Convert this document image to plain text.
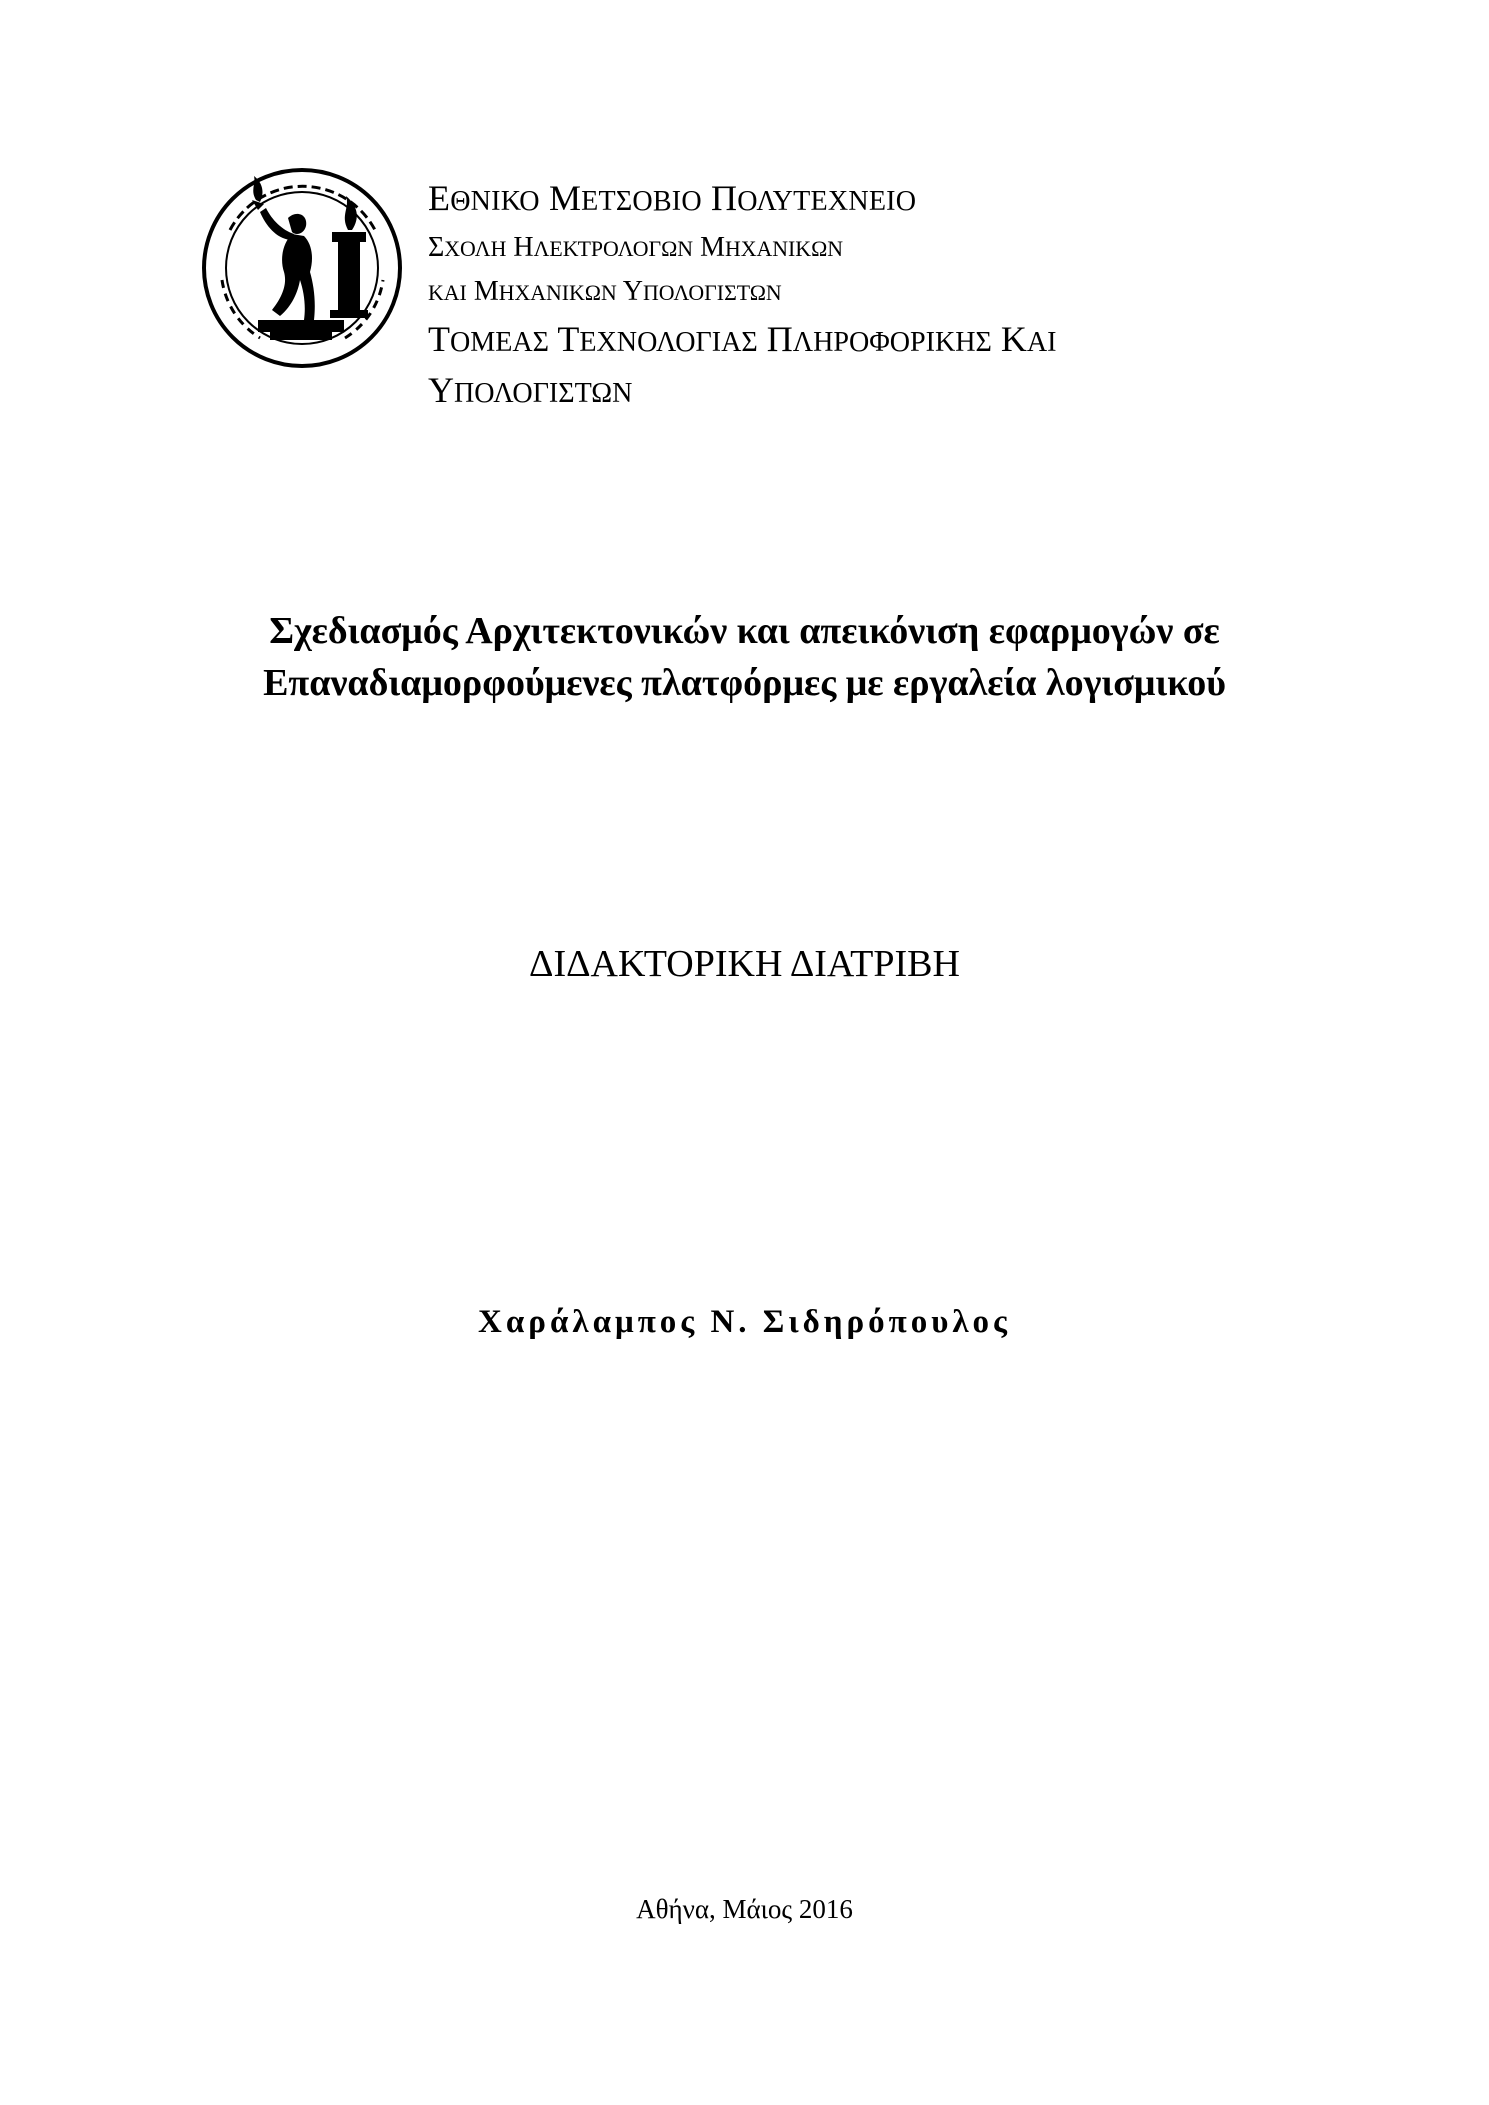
ΕΘΝΙΚΟ ΜΕΤΣΟΒΙΟ ΠΟΛΥΤΕΧΝΕΙΟ

ΣΧΟΛΗ ΗΛΕΚΤΡΟΛΟΓΩΝ ΜΗΧΑΝΙΚΩΝ

ΚΑΙ ΜΗΧΑΝΙΚΩΝ ΥΠΟΛΟΓΙΣΤΩΝ

ΤΟΜΕΑΣ ΤΕΧΝΟΛΟΓΙΑΣ ΠΛΗΡΟΦΟΡΙΚΗΣ ΚΑΙ

ΥΠΟΛΟΓΙΣΤΩΝ

Σχεδιασμός Αρχιτεκτονικών και απεικόνιση εφαρμογών σε
Επαναδιαμορφούμενες πλατφόρμες με εργαλεία λογισμικού
ΔΙΔΑΚΤΟΡΙΚΗ ΔΙΑΤΡΙΒΗ
Χαράλαμπος Ν. Σιδηρόπουλος
Αθήνα, Μάιος 2016
